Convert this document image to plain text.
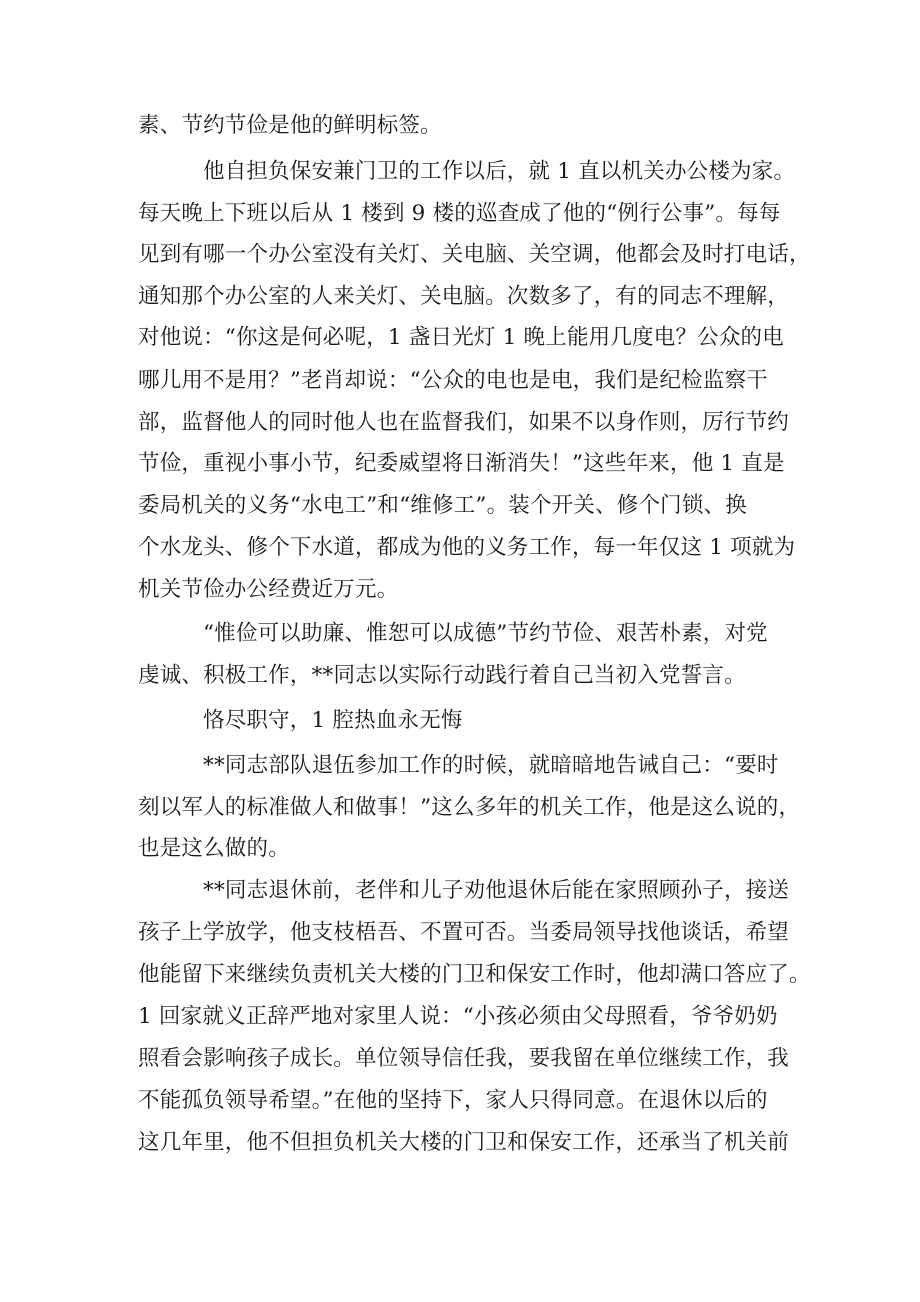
素、节约节俭是他的鲜明标签。
他自担负保安兼门卫的工作以后，就 1 直以机关办公楼为家。
每天晚上下班以后从 1 楼到 9 楼的巡查成了他的“例行公事”。每每
见到有哪一个办公室没有关灯、关电脑、关空调，他都会及时打电话，
通知那个办公室的人来关灯、关电脑。次数多了，有的同志不理解，
对他说：“你这是何必呢，1 盏日光灯 1 晚上能用几度电？公众的电
哪儿用不是用？”老肖却说：“公众的电也是电，我们是纪检监察干
部，监督他人的同时他人也在监督我们，如果不以身作则，厉行节约
节俭，重视小事小节，纪委威望将日渐消失！”这些年来，他 1 直是
委局机关的义务“水电工”和“维修工”。装个开关、修个门锁、换
个水龙头、修个下水道，都成为他的义务工作，每一年仅这 1 项就为
机关节俭办公经费近万元。
“惟俭可以助廉、惟恕可以成德”节约节俭、艰苦朴素，对党
虔诚、积极工作，**同志以实际行动践行着自己当初入党誓言。
恪尽职守，1 腔热血永无悔
**同志部队退伍参加工作的时候，就暗暗地告诫自己：“要时
刻以军人的标准做人和做事！”这么多年的机关工作，他是这么说的，
也是这么做的。
**同志退休前，老伴和儿子劝他退休后能在家照顾孙子，接送
孩子上学放学，他支枝梧吾、不置可否。当委局领导找他谈话，希望
他能留下来继续负责机关大楼的门卫和保安工作时，他却满口答应了。
1 回家就义正辞严地对家里人说：“小孩必须由父母照看，爷爷奶奶
照看会影响孩子成长。单位领导信任我，要我留在单位继续工作，我
不能孤负领导希望。”在他的坚持下，家人只得同意。在退休以后的
这几年里，他不但担负机关大楼的门卫和保安工作，还承当了机关前
